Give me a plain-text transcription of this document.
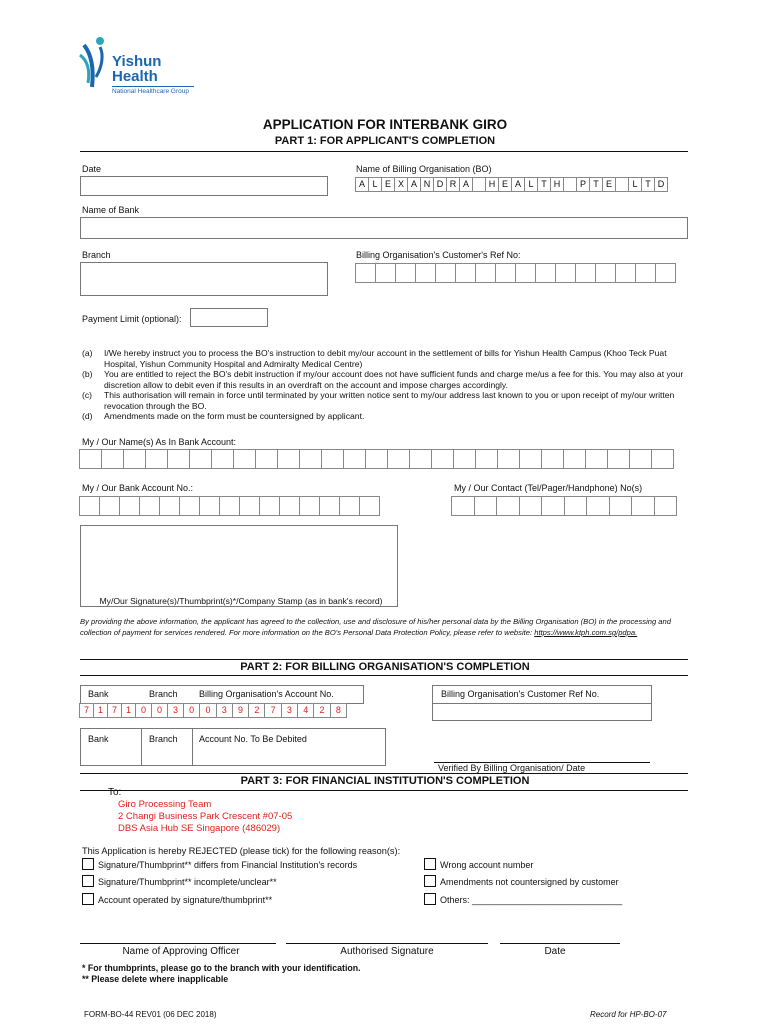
Yishun
Health
National Healthcare Group
APPLICATION FOR INTERBANK GIRO
PART 1: FOR APPLICANT'S COMPLETION
Date	Name of Billing Organisation (BO)
A L E X A N D R A	H E A L T H	P T E	L T D
Name of Bank
Branch	Billing Organisation's Customer's Ref No:
Payment Limit (optional):
(a)	I/We hereby instruct you to process the BO's instruction to debit my/our account in the settlement of bills for Yishun Health Campus (Khoo Teck Puat Hospital, Yishun Community Hospital and Admiralty Medical Centre)
(b)	You are entitled to reject the BO's debit instruction if my/our account does not have sufficient funds and charge me/us a fee for this. You may also at your discretion allow to debit even if this results in an overdraft on the account and impose charges accordingly.
(c)	This authorisation will remain in force until terminated by your written notice sent to my/our address last known to you or upon receipt of my/our written revocation through the BO.
(d)	Amendments made on the form must be countersigned by applicant.
My / Our Name(s) As In Bank Account:
My / Our Bank Account No.:	My / Our Contact (Tel/Pager/Handphone) No(s)
My/Our Signature(s)/Thumbprint(s)*/Company Stamp (as in bank's record)
By providing the above information, the applicant has agreed to the collection, use and disclosure of his/her personal data by the Billing Organisation (BO) in the processing and collection of payment for services rendered. For more information on the BO's Personal Data Protection Policy, please refer to website: https://www.ktph.com.sg/pdpa.
PART 2: FOR BILLING ORGANISATION'S COMPLETION
Bank	Branch Billing Organisation's Account No.
7 1 7 1	0	0	3	0	0	3	9	2	7	3	4	2	8
Billing Organisation's Customer Ref No.
Bank	Branch Account No. To Be Debited
Verified By Billing Organisation/ Date
PART 3: FOR FINANCIAL INSTITUTION'S COMPLETION
To:
Giro Processing Team
2 Changi Business Park Crescent #07-05
DBS Asia Hub SE Singapore (486029)
This Application is hereby REJECTED (please tick) for the following reason(s):
Signature/Thumbprint** differs from Financial Institution's records
Signature/Thumbprint** incomplete/unclear**
Account operated by signature/thumbprint**
Wrong account number
Amendments not countersigned by customer
Others: ______________________________
Name of Approving Officer	Authorised Signature	Date
* For thumbprints, please go to the branch with your identification.
** Please delete where inapplicable
FORM-BO-44 REV01 (06 DEC 2018)	Record for HP-BO-07
